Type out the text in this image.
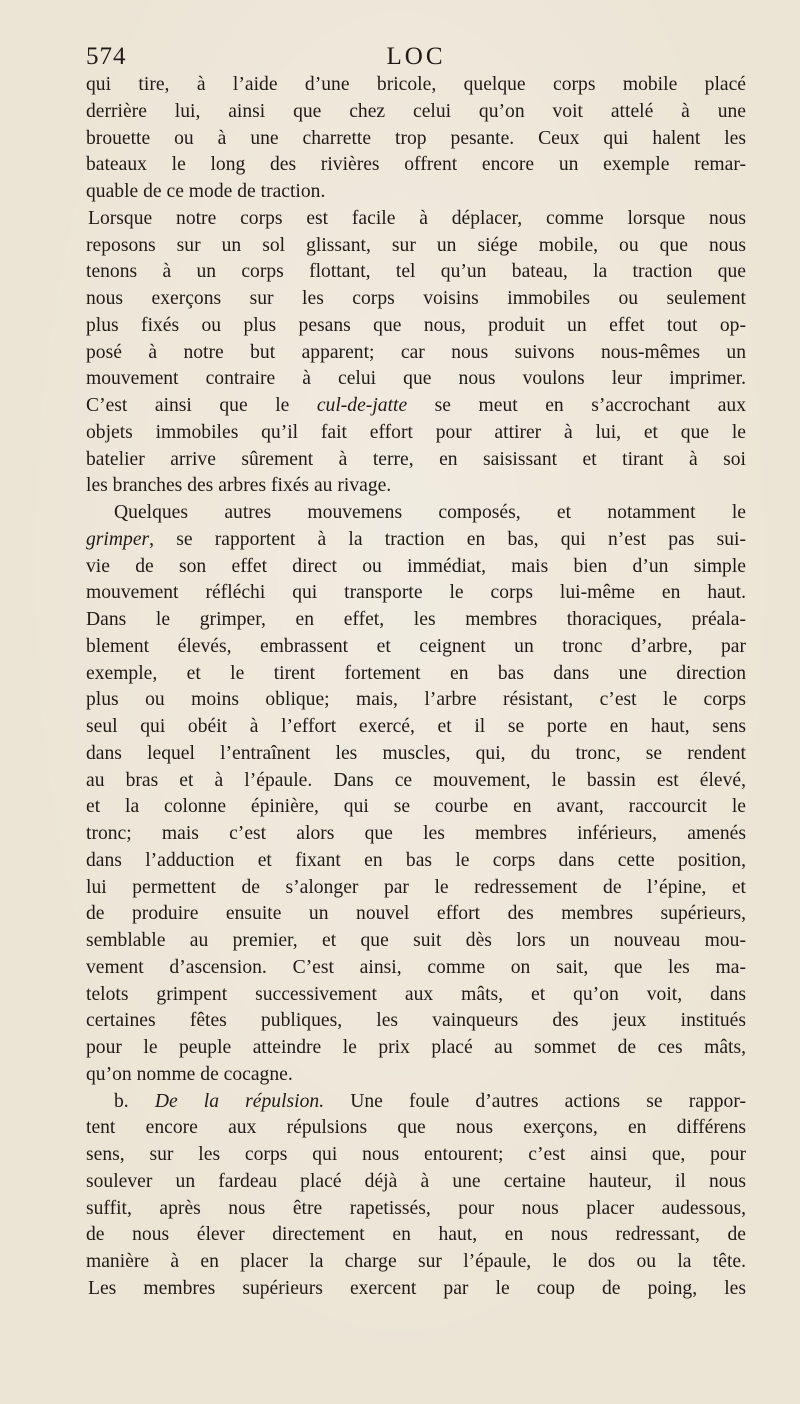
574	LOC
qui tire, à l’aide d’une bricole, quelque corps mobile placé
derrière lui, ainsi que chez celui qu’on voit attelé à une
brouette ou à une charrette trop pesante. Ceux qui halent les
bateaux le long des rivières offrent encore un exemple remar-
quable de ce mode de traction.
Lorsque notre corps est facile à déplacer, comme lorsque nous
reposons sur un sol glissant, sur un siége mobile, ou que nous
tenons à un corps flottant, tel qu’un bateau, la traction que
nous exerçons sur les corps voisins immobiles ou seulement
plus fixés ou plus pesans que nous, produit un effet tout op-
posé à notre but apparent; car nous suivons nous-mêmes un
mouvement contraire à celui que nous voulons leur imprimer.
C’est ainsi que le cul-de-jatte se meut en s’accrochant aux
objets immobiles qu’il fait effort pour attirer à lui, et que le
batelier arrive sûrement à terre, en saisissant et tirant à soi
les branches des arbres fixés au rivage.
Quelques autres mouvemens composés, et notamment le
grimper, se rapportent à la traction en bas, qui n’est pas sui-
vie de son effet direct ou immédiat, mais bien d’un simple
mouvement réfléchi qui transporte le corps lui-même en haut.
Dans le grimper, en effet, les membres thoraciques, préala-
blement élevés, embrassent et ceignent un tronc d’arbre, par
exemple, et le tirent fortement en bas dans une direction
plus ou moins oblique; mais, l’arbre résistant, c’est le corps
seul qui obéit à l’effort exercé, et il se porte en haut, sens
dans lequel l’entraînent les muscles, qui, du tronc, se rendent
au bras et à l’épaule. Dans ce mouvement, le bassin est élevé,
et la colonne épinière, qui se courbe en avant, raccourcit le
tronc; mais c’est alors que les membres inférieurs, amenés
dans l’adduction et fixant en bas le corps dans cette position,
lui permettent de s’alonger par le redressement de l’épine, et
de produire ensuite un nouvel effort des membres supérieurs,
semblable au premier, et que suit dès lors un nouveau mou-
vement d’ascension. C’est ainsi, comme on sait, que les ma-
telots grimpent successivement aux mâts, et qu’on voit, dans
certaines fêtes publiques, les vainqueurs des jeux institués
pour le peuple atteindre le prix placé au sommet de ces mâts,
qu’on nomme de cocagne.
b. De la répulsion. Une foule d’autres actions se rappor-
tent encore aux répulsions que nous exerçons, en différens
sens, sur les corps qui nous entourent; c’est ainsi que, pour
soulever un fardeau placé déjà à une certaine hauteur, il nous
suffit, après nous être rapetissés, pour nous placer audessous,
de nous élever directement en haut, en nous redressant, de
manière à en placer la charge sur l’épaule, le dos ou la tête.
Les membres supérieurs exercent par le coup de poing, les
